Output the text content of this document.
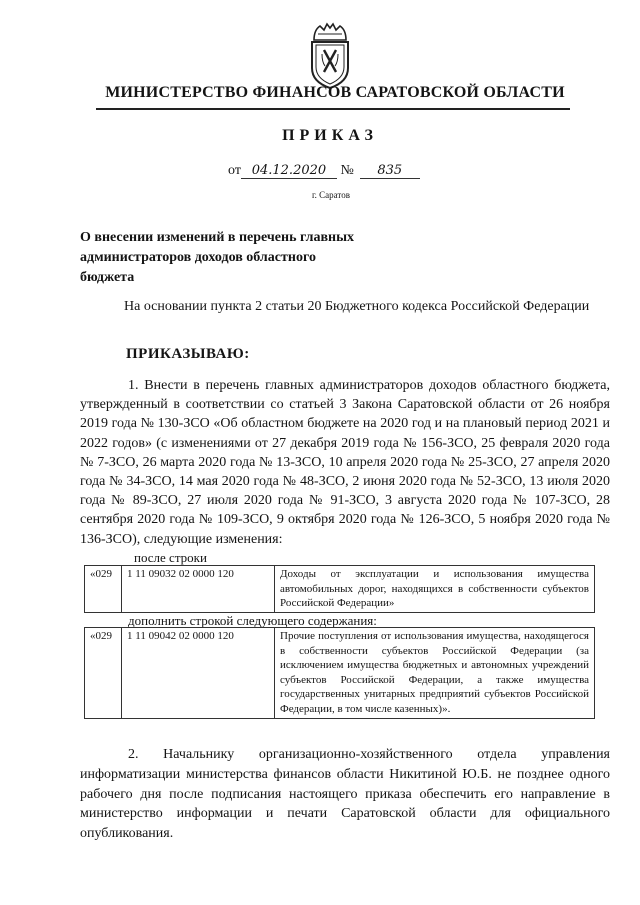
МИНИСТЕРСТВО ФИНАНСОВ САРАТОВСКОЙ ОБЛАСТИ
ПРИКАЗ
от 04.12.2020 № 835
г. Саратов
О внесении изменений в перечень главных администраторов доходов областного бюджета
На основании пункта 2 статьи 20 Бюджетного кодекса Российской Федерации
ПРИКАЗЫВАЮ:
1. Внести в перечень главных администраторов доходов областного бюджета, утвержденный в соответствии со статьей 3 Закона Саратовской области от 26 ноября 2019 года № 130-ЗСО «Об областном бюджете на 2020 год и на плановый период 2021 и 2022 годов» (с изменениями от 27 декабря 2019 года № 156-ЗСО, 25 февраля 2020 года № 7-ЗСО, 26 марта 2020 года № 13-ЗСО, 10 апреля 2020 года № 25-ЗСО, 27 апреля 2020 года № 34-ЗСО, 14 мая 2020 года № 48-ЗСО, 2 июня 2020 года № 52-ЗСО, 13 июля 2020 года № 89-ЗСО, 27 июля 2020 года № 91-ЗСО, 3 августа 2020 года № 107-ЗСО, 28 сентября 2020 года № 109-ЗСО, 9 октября 2020 года № 126-ЗСО, 5 ноября 2020 года № 136-ЗСО), следующие изменения:
после строки
«029	1 11 09032 02 0000 120	Доходы от эксплуатации и использования имущества автомобильных дорог, находящихся в собственности субъектов Российской Федерации»
дополнить строкой следующего содержания:
«029	1 11 09042 02 0000 120	Прочие поступления от использования имущества, находящегося в собственности субъектов Российской Федерации (за исключением имущества бюджетных и автономных учреждений субъектов Российской Федерации, а также имущества государственных унитарных предприятий субъектов Российской Федерации, в том числе казенных)».
2. Начальнику организационно-хозяйственного отдела управления информатизации министерства финансов области Никитиной Ю.Б. не позднее одного рабочего дня после подписания настоящего приказа обеспечить его направление в министерство информации и печати Саратовской области для официального опубликования.
